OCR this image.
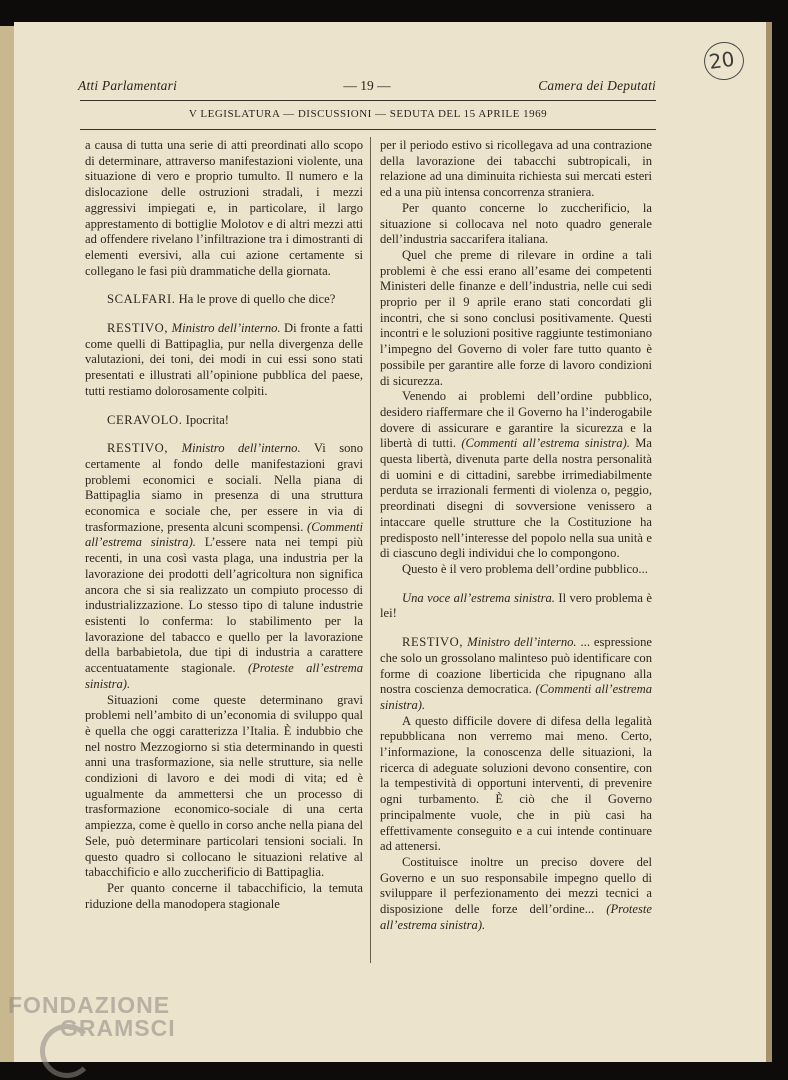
Atti Parlamentari	— 19 —	Camera dei Deputati
V LEGISLATURA — DISCUSSIONI — SEDUTA DEL 15 APRILE 1969
20

a causa di tutta una serie di atti preordinati allo scopo di determinare, attraverso manifestazioni violente, una situazione di vero e proprio tumulto. Il numero e la dislocazione delle ostruzioni stradali, i mezzi aggressivi impiegati e, in particolare, il largo apprestamento di bottiglie Molotov e di altri mezzi atti ad offendere rivelano l’infiltrazione tra i dimostranti di elementi eversivi, alla cui azione certamente si collegano le fasi più drammatiche della giornata.

SCALFARI. Ha le prove di quello che dice?

RESTIVO, Ministro dell’interno. Di fronte a fatti come quelli di Battipaglia, pur nella divergenza delle valutazioni, dei toni, dei modi in cui essi sono stati presentati e illustrati all’opinione pubblica del paese, tutti restiamo dolorosamente colpiti.

CERAVOLO. Ipocrita!

RESTIVO, Ministro dell’interno. Vi sono certamente al fondo delle manifestazioni gravi problemi economici e sociali. Nella piana di Battipaglia siamo in presenza di una struttura economica e sociale che, per essere in via di trasformazione, presenta alcuni scompensi. (Commenti all’estrema sinistra). L’essere nata nei tempi più recenti, in una così vasta plaga, una industria per la lavorazione dei prodotti dell’agricoltura non significa ancora che si sia realizzato un compiuto processo di industrializzazione. Lo stesso tipo di talune industrie esistenti lo conferma: lo stabilimento per la lavorazione del tabacco e quello per la lavorazione della barbabietola, due tipi di industria a carattere accentuatamente stagionale. (Proteste all’estrema sinistra).

Situazioni come queste determinano gravi problemi nell’ambito di un’economia di sviluppo qual è quella che oggi caratterizza l’Italia. È indubbio che nel nostro Mezzogiorno si stia determinando in questi anni una trasformazione, sia nelle strutture, sia nelle condizioni di lavoro e dei modi di vita; ed è ugualmente da ammettersi che un processo di trasformazione economico-sociale di una certa ampiezza, come è quello in corso anche nella piana del Sele, può determinare particolari tensioni sociali. In questo quadro si collocano le situazioni relative al tabacchificio e allo zuccherificio di Battipaglia.

Per quanto concerne il tabacchificio, la temuta riduzione della manodopera stagionale

per il periodo estivo si ricollegava ad una contrazione della lavorazione dei tabacchi subtropicali, in relazione ad una diminuita richiesta sui mercati esteri ed a una più intensa concorrenza straniera.

Per quanto concerne lo zuccherificio, la situazione si collocava nel noto quadro generale dell’industria saccarifera italiana.

Quel che preme di rilevare in ordine a tali problemi è che essi erano all’esame dei competenti Ministeri delle finanze e dell’industria, nelle cui sedi proprio per il 9 aprile erano stati concordati gli incontri, che si sono conclusi positivamente. Questi incontri e le soluzioni positive raggiunte testimoniano l’impegno del Governo di voler fare tutto quanto è possibile per garantire alle forze di lavoro condizioni di sicurezza.

Venendo ai problemi dell’ordine pubblico, desidero riaffermare che il Governo ha l’inderogabile dovere di assicurare e garantire la sicurezza e la libertà di tutti. (Commenti all’estrema sinistra). Ma questa libertà, divenuta parte della nostra personalità di uomini e di cittadini, sarebbe irrimediabilmente perduta se irrazionali fermenti di violenza o, peggio, preordinati disegni di sovversione venissero a intaccare quelle strutture che la Costituzione ha predisposto nell’interesse del popolo nella sua unità e di ciascuno degli individui che lo compongono.

Questo è il vero problema dell’ordine pubblico...

Una voce all’estrema sinistra. Il vero problema è lei!

RESTIVO, Ministro dell’interno. ... espressione che solo un grossolano malinteso può identificare con forme di coazione liberticida che ripugnano alla nostra coscienza democratica. (Commenti all’estrema sinistra).

A questo difficile dovere di difesa della legalità repubblicana non verremo mai meno. Certo, l’informazione, la conoscenza delle situazioni, la ricerca di adeguate soluzioni devono consentire, con la tempestività di opportuni interventi, di prevenire ogni turbamento. È ciò che il Governo principalmente vuole, che in più casi ha effettivamente conseguito e a cui intende continuare ad attenersi.

Costituisce inoltre un preciso dovere del Governo e un suo responsabile impegno quello di sviluppare il perfezionamento dei mezzi tecnici a disposizione delle forze dell’ordine... (Proteste all’estrema sinistra).

FONDAZIONE
GRAMSCI
